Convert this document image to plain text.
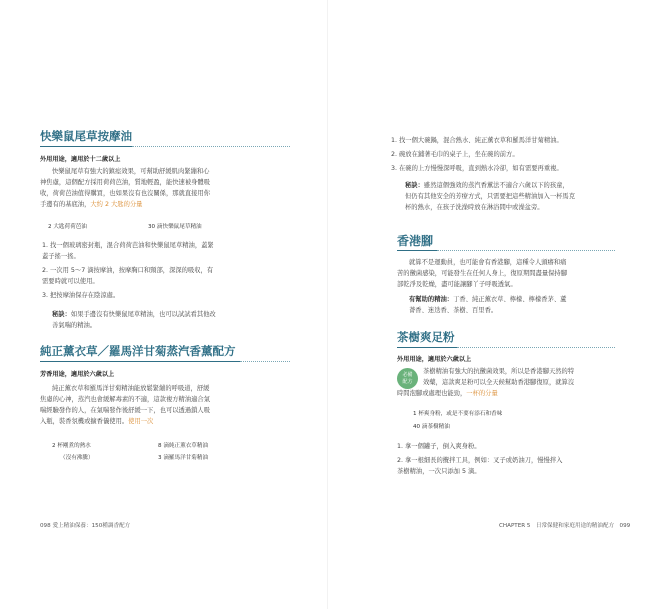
快樂鼠尾草按摩油
外用用途，適用於十二歲以上

快樂鼠尾草有強大的鎮痙效果，可幫助舒緩肌肉緊繃和心

神焦慮，這個配方採用荷荷芭油，質地輕盈，能快速被身體吸

收，荷荷芭油值得購買，也如果沒有也沒關係，那就直接用你

手邊有的基底油，大約 2 大匙的分量

2 大匙荷荷芭油	30 滴快樂鼠尾草精油

1. 找一個玻璃密封瓶，混合荷荷芭油和快樂鼠尾草精油，蓋緊

蓋子搖一搖。

2. 一次用 5～7 滴按摩油，按摩胸口和頸部，深深的吸収，有

需要時就可以使用。

3. 把按摩油保存在陰涼處。

秘訣：如果手邊沒有快樂鼠尾草精油，也可以試試看其他改

善氣喘的精油。

純正薰衣草／羅馬洋甘菊蒸汽香薰配方
芳香用途，適用於六歲以上

純正薰衣草和羅馬洋甘菊精油能放鬆緊繃的呼吸道，舒緩

焦慮的心神，蒸汽也會緩解毒素的不適，這款複方精油適合氣

喘經驗發作的人，在氣喘發作後舒緩一下，也可以透過鎖人吸

入瓶，裝香氛機或擴香儀使用。使用一次

2 杯剛煮的熱水
（沒有沸騰）
8 滴純正薰衣草精油
3 滴羅馬洋甘菊精油
098 愛上精油保養：150種調香配方

1. 找一個大碗鍋，混合熱水、純正薰衣草和羅馬洋甘菊精油。

2. 碗放在鋪著毛巾的桌子上，坐在碗的前方。

3. 在碗的上方慢慢深呼吸，直到熱水冷卻，如有需要再重複。

秘訣：雖然這個強效的蒸汽香薰法不適合六歲以下的孩童，

但仍有其他安全的芳療方式，只需要把這些精油加入一杯馬克

杯的熱水，在孩子洗澡時放在淋浴間中或澡盆旁。

香港腳

就算不是運動員，也可能會有香港腳，這種令人頭癢和痛

苦的黴菌感染，可能發生在任何人身上，復原期間盡量保持腳

部乾淨及乾燥，盡可能讓腳丫子呼吸透氣。

有幫助的精油：丁香、純正薰衣草、檸檬、檸檬香茅、蘆

薈香、迷迭香、茶樹、百里香。

茶樹爽足粉
外用用途，適用於六歲以上
必備
配方

茶樹精油有強大的抗黴菌效果，所以是香港腳天然的特

效藥，這款爽足粉可以全天候幫助香港腳復原，就算沒

時間泡腳或處理也能勁，一杯的分量

1 杯爽身粉，或是不要有添石和香味
40 滴茶樹精油

1. 拿一個罐子，倒入爽身粉。

2. 拿一根細長的攪拌工具，例如：叉子或奶油刀，慢慢拌入

茶樹精油，一次只添加 5 滴。

CHAPTER 5 日常保健和家庭用途的精油配方 099
